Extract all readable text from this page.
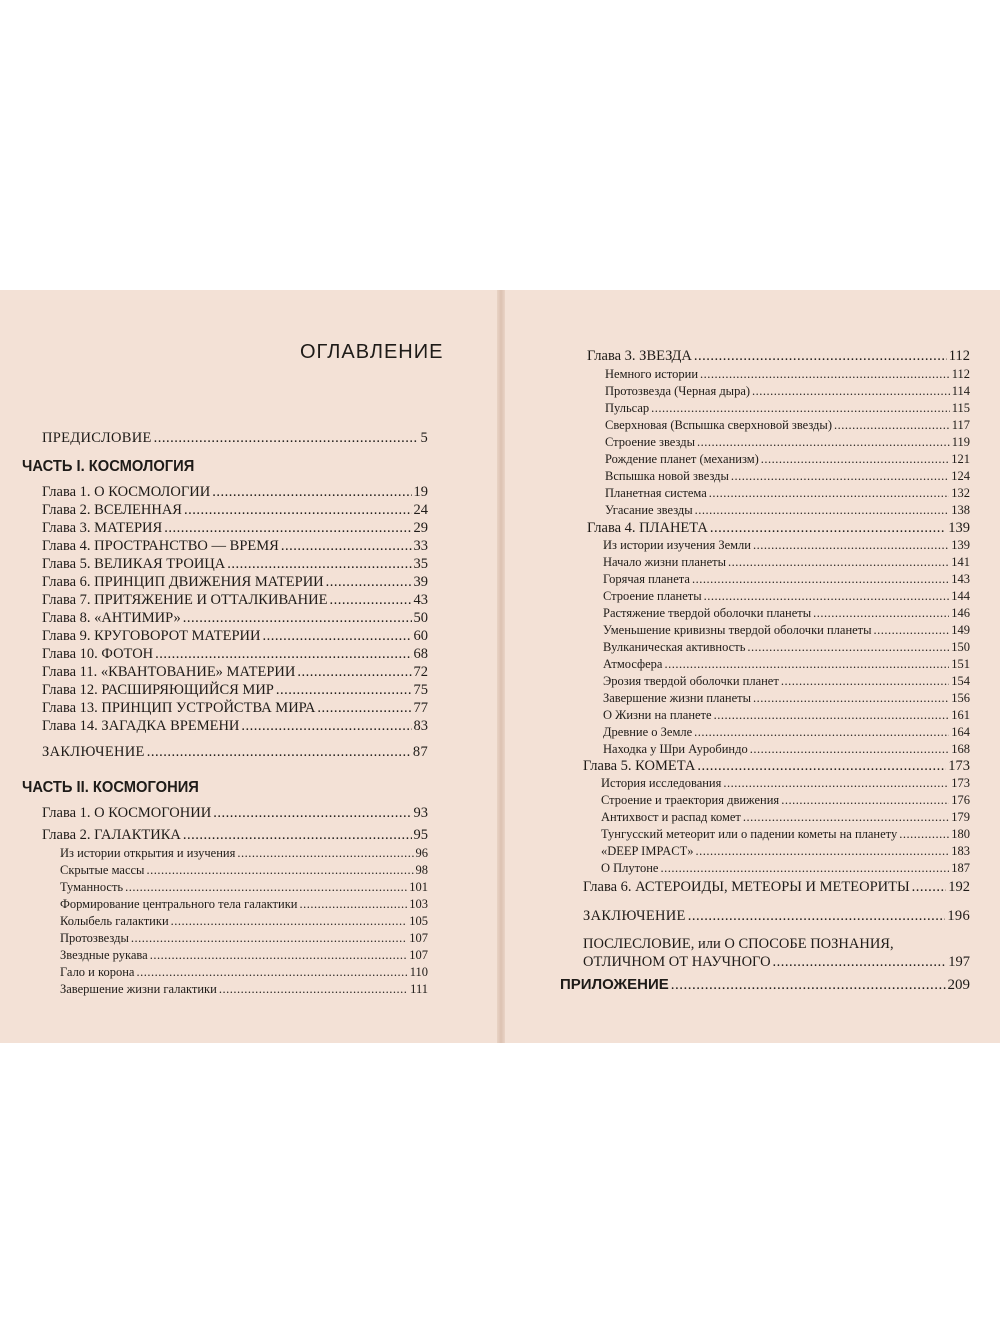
ОГЛАВЛЕНИЕ
ПРЕДИСЛОВИЕ .....	5
ЧАСТЬ I. КОСМОЛОГИЯ
Глава 1. О КОСМОЛОГИИ .....	19
Глава 2. ВСЕЛЕННАЯ .....	24
Глава 3. МАТЕРИЯ .....	29
Глава 4. ПРОСТРАНСТВО — ВРЕМЯ .....	33
Глава 5. ВЕЛИКАЯ ТРОИЦА .....	35
Глава 6. ПРИНЦИП ДВИЖЕНИЯ МАТЕРИИ .....	39
Глава 7. ПРИТЯЖЕНИЕ И ОТТАЛКИВАНИЕ .....	43
Глава 8. «АНТИМИР» .....	50
Глава 9. КРУГОВОРОТ МАТЕРИИ .....	60
Глава 10. ФОТОН .....	68
Глава 11. «КВАНТОВАНИЕ» МАТЕРИИ .....	72
Глава 12. РАСШИРЯЮЩИЙСЯ МИР .....	75
Глава 13. ПРИНЦИП УСТРОЙСТВА МИРА .....	77
Глава 14. ЗАГАДКА ВРЕМЕНИ .....	83
ЗАКЛЮЧЕНИЕ .....	87
ЧАСТЬ II. КОСМОГОНИЯ
Глава 1. О КОСМОГОНИИ .....	93
Глава 2. ГАЛАКТИКА .....	95
Из истории открытия и изучения .....	96
Скрытые массы .....	98
Туманность .....	101
Формирование центрального тела галактики .....	103
Колыбель галактики .....	105
Протозвезды .....	107
Звездные рукава .....	107
Гало и корона .....	110
Завершение жизни галактики .....	111
Глава 3. ЗВЕЗДА .....	112
Немного истории .....	112
Протозвезда (Черная дыра) .....	114
Пульсар .....	115
Сверхновая (Вспышка сверхновой звезды) .....	117
Строение звезды .....	119
Рождение планет (механизм) .....	121
Вспышка новой звезды .....	124
Планетная система .....	132
Угасание звезды .....	138
Глава 4. ПЛАНЕТА .....	139
Из истории изучения Земли .....	139
Начало жизни планеты .....	141
Горячая планета .....	143
Строение планеты .....	144
Растяжение твердой оболочки планеты .....	146
Уменьшение кривизны твердой оболочки планеты .....	149
Вулканическая активность .....	150
Атмосфера .....	151
Эрозия твердой оболочки планет .....	154
Завершение жизни планеты .....	156
О Жизни на планете .....	161
Древние о Земле .....	164
Находка у Шри Ауробиндо .....	168
Глава 5. КОМЕТА .....	173
История исследования .....	173
Строение и траектория движения .....	176
Антихвост и распад комет .....	179
Тунгусский метеорит или о падении кометы на планету .....	180
«DEEP IMPACT» .....	183
О Плутоне .....	187
Глава 6. АСТЕРОИДЫ, МЕТЕОРЫ И МЕТЕОРИТЫ .....	192
ЗАКЛЮЧЕНИЕ .....	196
ПОСЛЕСЛОВИЕ, или О СПОСОБЕ ПОЗНАНИЯ,
ОТЛИЧНОМ ОТ НАУЧНОГО .....	197
ПРИЛОЖЕНИЕ .....	209
